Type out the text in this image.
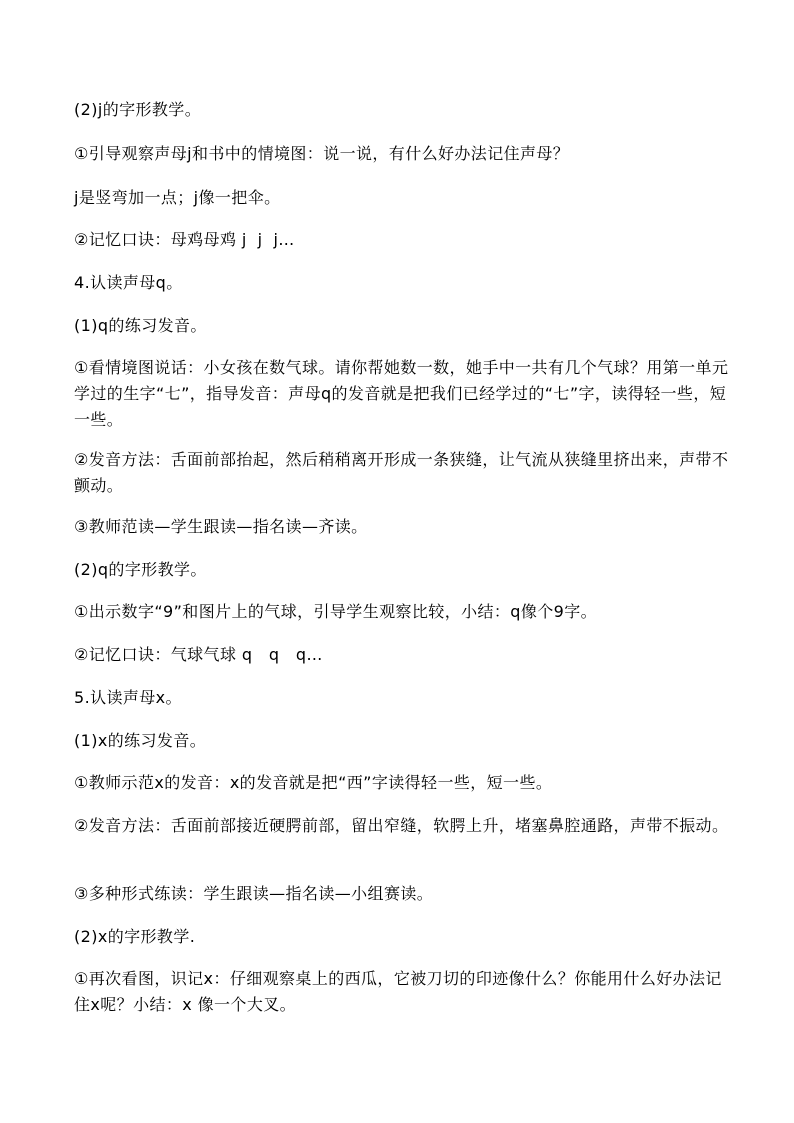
(2)j的字形教学。
①引导观察声母j和书中的情境图：说一说，有什么好办法记住声母？
j是竖弯加一点；j像一把伞。
②记忆口诀：母鸡母鸡 j  j  j…
4.认读声母q。
(1)q的练习发音。
①看情境图说话：小女孩在数气球。请你帮她数一数，她手中一共有几个气球？用第一单元学过的生字“七”，指导发音：声母q的发音就是把我们已经学过的“七”字，读得轻一些，短一些。
②发音方法：舌面前部抬起，然后稍稍离开形成一条狭缝，让气流从狭缝里挤出来，声带不颤动。
③教师范读—学生跟读—指名读—齐读。
(2)q的字形教学。
①出示数字“9”和图片上的气球，引导学生观察比较，小结：q像个9字。
②记忆口诀：气球气球 q   q   q…
5.认读声母x。
(1)x的练习发音。
①教师示范x的发音：x的发音就是把“西”字读得轻一些，短一些。
②发音方法：舌面前部接近硬腭前部，留出窄缝，软腭上升，堵塞鼻腔通路，声带不振动。
③多种形式练读：学生跟读—指名读—小组赛读。
(2)x的字形教学.
①再次看图，识记x：仔细观察桌上的西瓜，它被刀切的印迹像什么？你能用什么好办法记住x呢？小结：x 像一个大叉。
